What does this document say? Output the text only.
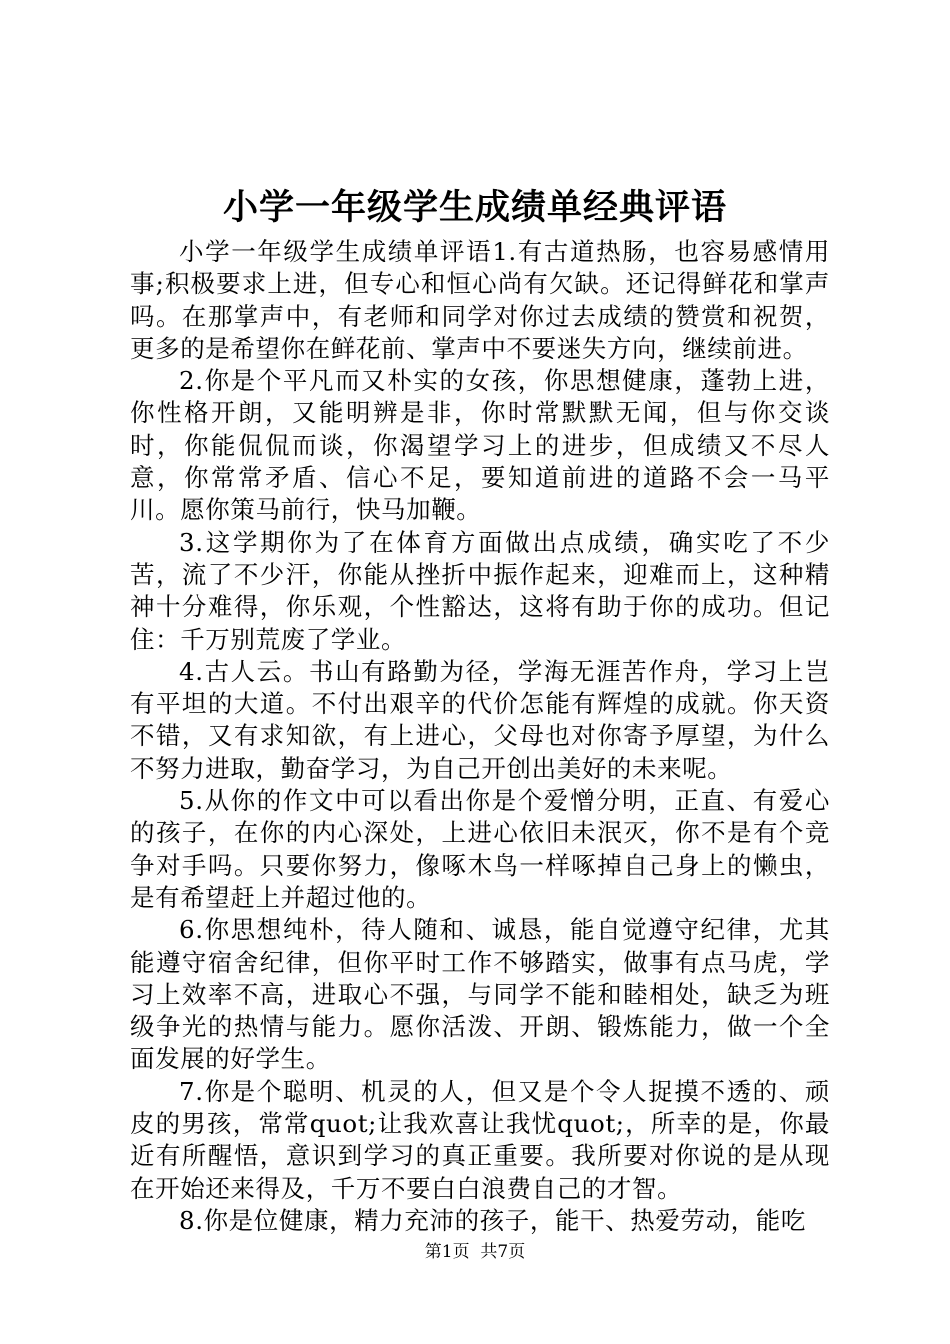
小学一年级学生成绩单经典评语

小学一年级学生成绩单评语1.有古道热肠，也容易感情用事;积极要求上进，但专心和恒心尚有欠缺。还记得鲜花和掌声吗。在那掌声中，有老师和同学对你过去成绩的赞赏和祝贺，更多的是希望你在鲜花前、掌声中不要迷失方向，继续前进。

2.你是个平凡而又朴实的女孩，你思想健康，蓬勃上进，你性格开朗，又能明辨是非，你时常默默无闻，但与你交谈时，你能侃侃而谈，你渴望学习上的进步，但成绩又不尽人意，你常常矛盾、信心不足，要知道前进的道路不会一马平川。愿你策马前行，快马加鞭。

3.这学期你为了在体育方面做出点成绩，确实吃了不少苦，流了不少汗，你能从挫折中振作起来，迎难而上，这种精神十分难得，你乐观，个性豁达，这将有助于你的成功。但记住：千万别荒废了学业。

4.古人云。书山有路勤为径，学海无涯苦作舟，学习上岂有平坦的大道。不付出艰辛的代价怎能有辉煌的成就。你天资不错，又有求知欲，有上进心，父母也对你寄予厚望，为什么不努力进取，勤奋学习，为自己开创出美好的未来呢。

5.从你的作文中可以看出你是个爱憎分明，正直、有爱心的孩子，在你的内心深处，上进心依旧未泯灭，你不是有个竞争对手吗。只要你努力，像啄木鸟一样啄掉自己身上的懒虫，是有希望赶上并超过他的。

6.你思想纯朴，待人随和、诚恳，能自觉遵守纪律，尤其能遵守宿舍纪律，但你平时工作不够踏实，做事有点马虎，学习上效率不高，进取心不强，与同学不能和睦相处，缺乏为班级争光的热情与能力。愿你活泼、开朗、锻炼能力，做一个全面发展的好学生。

7.你是个聪明、机灵的人，但又是个令人捉摸不透的、顽皮的男孩，常常quot;让我欢喜让我忧quot;，所幸的是，你最近有所醒悟，意识到学习的真正重要。我所要对你说的是从现在开始还来得及，千万不要白白浪费自己的才智。

8.你是位健康，精力充沛的孩子，能干、热爱劳动，能吃

第1页  共7页
